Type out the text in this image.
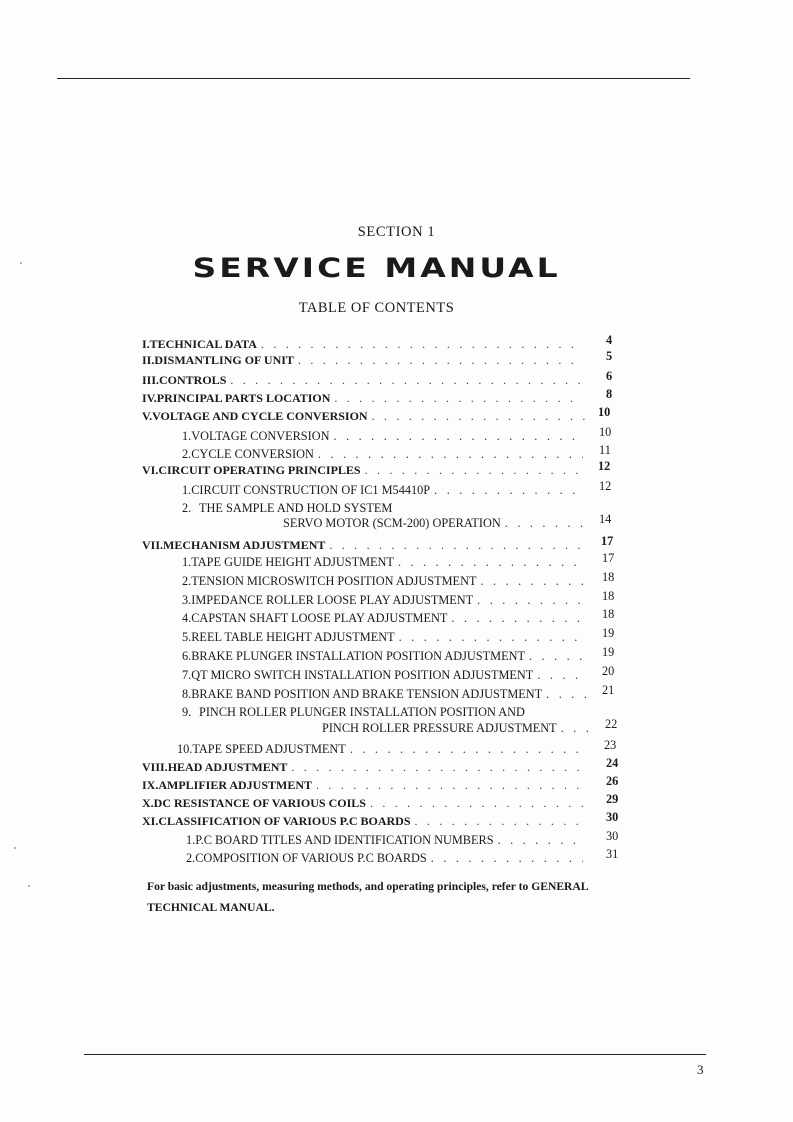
SECTION 1
SERVICE MANUAL
TABLE OF CONTENTS
I. TECHNICAL DATA . . .	4
II. DISMANTLING OF UNIT . . .	5
III. CONTROLS . . .	6
IV. PRINCIPAL PARTS LOCATION . . .	8
V. VOLTAGE AND CYCLE CONVERSION . . .	10
1. VOLTAGE CONVERSION . . .	10
2. CYCLE CONVERSION . . .	11
VI. CIRCUIT OPERATING PRINCIPLES . . .	12
1. CIRCUIT CONSTRUCTION OF IC1 M54410P . . .	12
2. THE SAMPLE AND HOLD SYSTEM
SERVO MOTOR (SCM-200) OPERATION . . .	14
VII. MECHANISM ADJUSTMENT . . .	17
1. TAPE GUIDE HEIGHT ADJUSTMENT . . .	17
2. TENSION MICROSWITCH POSITION ADJUSTMENT . . .	18
3. IMPEDANCE ROLLER LOOSE PLAY ADJUSTMENT . . .	18
4. CAPSTAN SHAFT LOOSE PLAY ADJUSTMENT . . .	18
5. REEL TABLE HEIGHT ADJUSTMENT . . .	19
6. BRAKE PLUNGER INSTALLATION POSITION ADJUSTMENT . . .	19
7. QT MICRO SWITCH INSTALLATION POSITION ADJUSTMENT . . .	20
8. BRAKE BAND POSITION AND BRAKE TENSION ADJUSTMENT . . .	21
9. PINCH ROLLER PLUNGER INSTALLATION POSITION AND
PINCH ROLLER PRESSURE ADJUSTMENT . . .	22
10. TAPE SPEED ADJUSTMENT . . .	23
VIII. HEAD ADJUSTMENT . . .	24
IX. AMPLIFIER ADJUSTMENT . . .	26
X. DC RESISTANCE OF VARIOUS COILS . . .	29
XI. CLASSIFICATION OF VARIOUS P.C BOARDS . . .	30
1. P.C BOARD TITLES AND IDENTIFICATION NUMBERS . . .	30
2. COMPOSITION OF VARIOUS P.C BOARDS . . .	31
For basic adjustments, measuring methods, and operating principles, refer to GENERAL TECHNICAL MANUAL.
3
